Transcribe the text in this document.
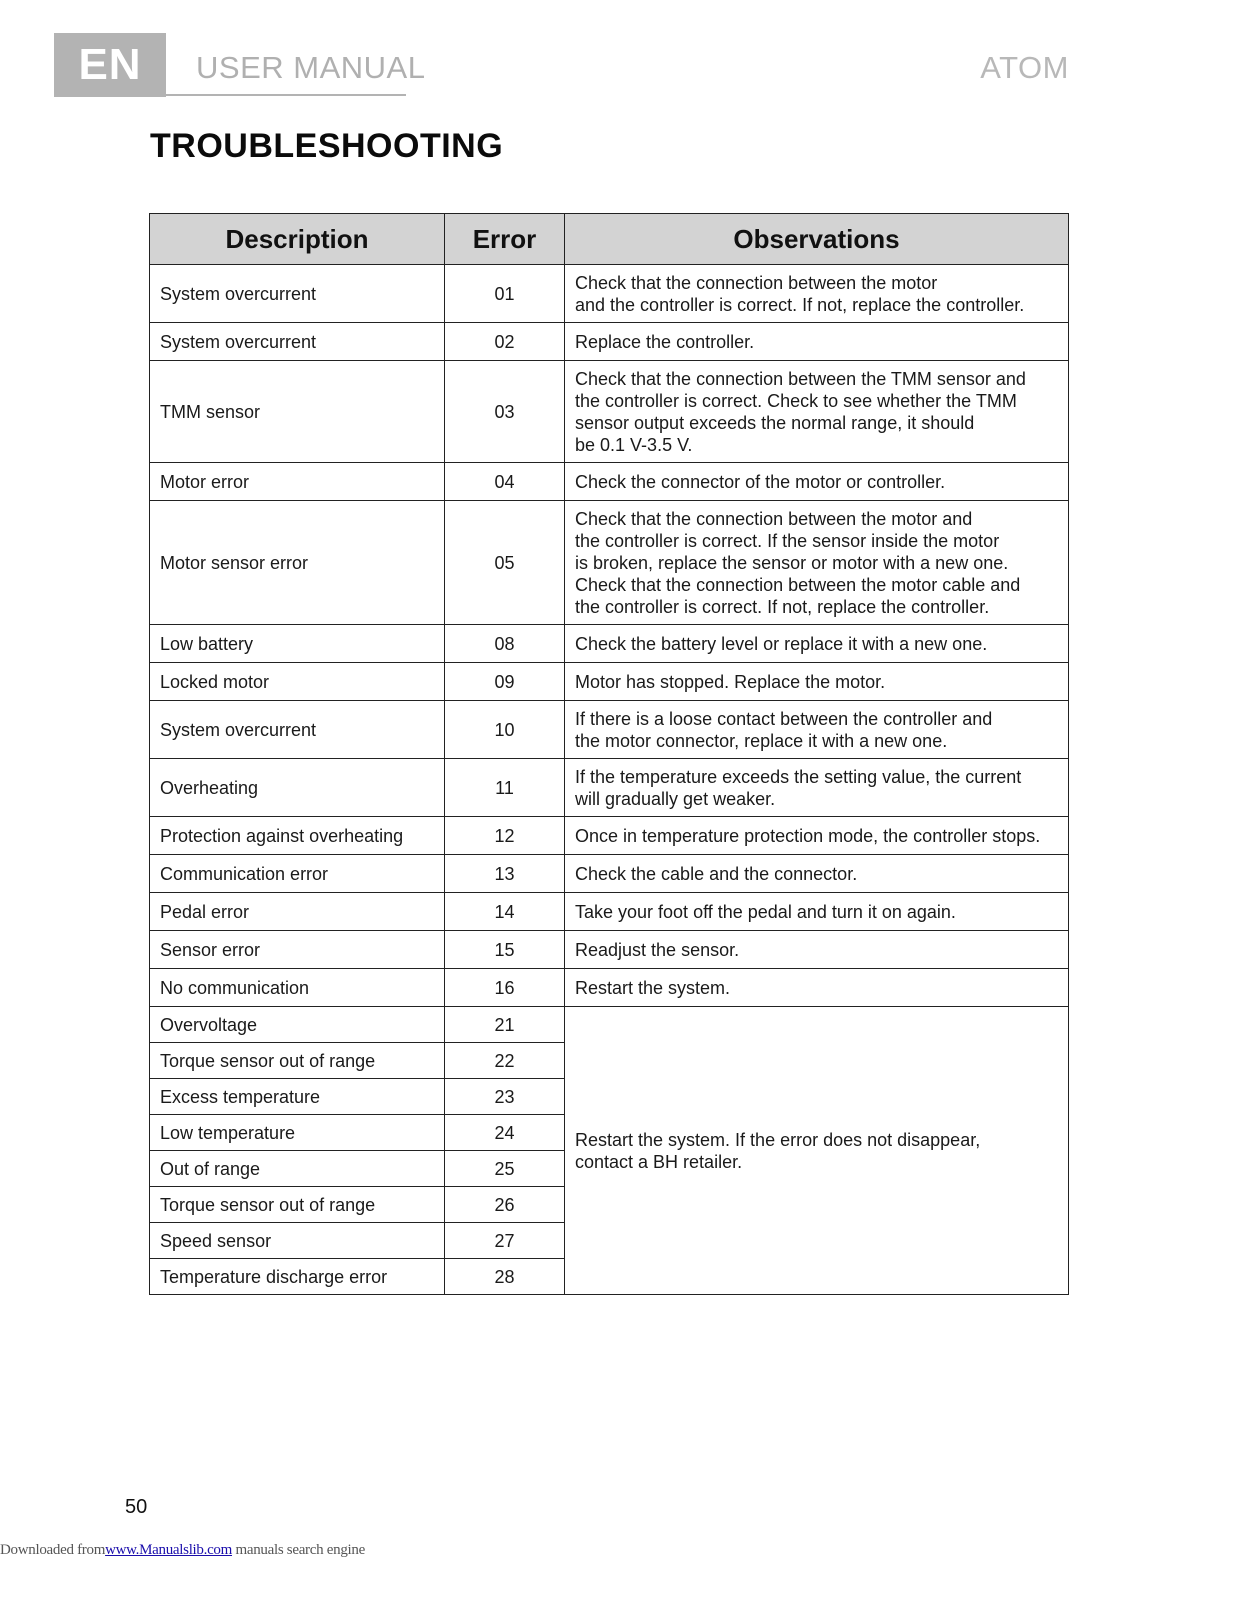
EN	USER MANUAL	ATOM
TROUBLESHOOTING
Description	Error	Observations
System overcurrent	01	Check that the connection between the motor
and the controller is correct. If not, replace the controller.
System overcurrent	02	Replace the controller.
TMM sensor	03	Check that the connection between the TMM sensor and
the controller is correct. Check to see whether the TMM
sensor output exceeds the normal range, it should
be 0.1 V-3.5 V.
Motor error	04	Check the connector of the motor or controller.
Motor sensor error	05	Check that the connection between the motor and
the controller is correct. If the sensor inside the motor
is broken, replace the sensor or motor with a new one.
Check that the connection between the motor cable and
the controller is correct. If not, replace the controller.
Low battery	08	Check the battery level or replace it with a new one.
Locked motor	09	Motor has stopped. Replace the motor.
System overcurrent	10	If there is a loose contact between the controller and
the motor connector, replace it with a new one.
Overheating	11	If the temperature exceeds the setting value, the current
will gradually get weaker.
Protection against overheating	12	Once in temperature protection mode, the controller stops.
Communication error	13	Check the cable and the connector.
Pedal error	14	Take your foot off the pedal and turn it on again.
Sensor error	15	Readjust the sensor.
No communication	16	Restart the system.
Overvoltage	21	Restart the system. If the error does not disappear,
contact a BH retailer.
Torque sensor out of range	22	
Excess temperature	23	
Low temperature	24	
Out of range	25	
Torque sensor out of range	26	
Speed sensor	27	
Temperature discharge error	28	
50
Downloaded fromwww.Manualslib.com manuals search engine
